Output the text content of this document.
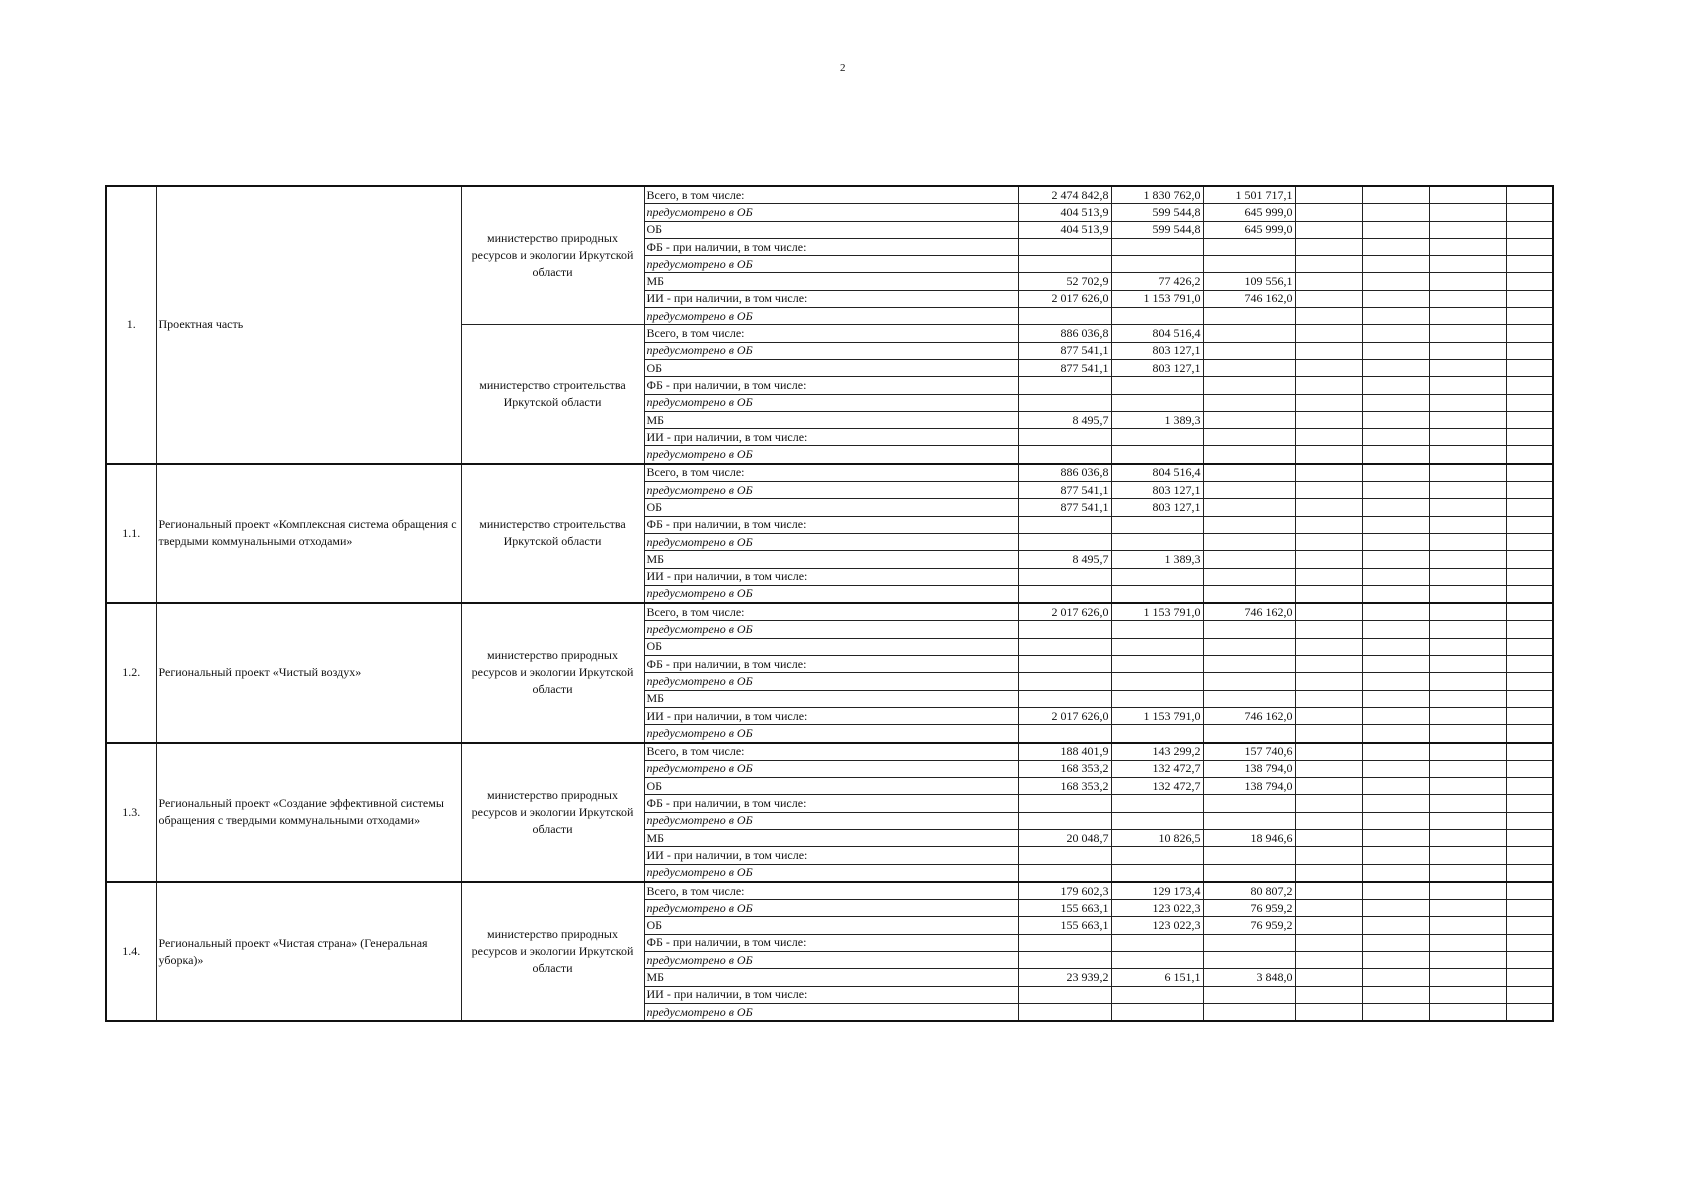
2
1.	Проектная часть	министерство природных ресурсов и экологии Иркутской области	Всего, в том числе:	2 474 842,8	1 830 762,0	1 501 717,1				
			предусмотрено в ОБ	404 513,9	599 544,8	645 999,0				
			ОБ	404 513,9	599 544,8	645 999,0				
			ФБ - при наличии, в том числе:							
			предусмотрено в ОБ							
			МБ	52 702,9	77 426,2	109 556,1				
			ИИ - при наличии, в том числе:	2 017 626,0	1 153 791,0	746 162,0				
			предусмотрено в ОБ							
		министерство строительства Иркутской области	Всего, в том числе:	886 036,8	804 516,4					
			предусмотрено в ОБ	877 541,1	803 127,1					
			ОБ	877 541,1	803 127,1					
			ФБ - при наличии, в том числе:							
			предусмотрено в ОБ							
			МБ	8 495,7	1 389,3					
			ИИ - при наличии, в том числе:							
			предусмотрено в ОБ							
1.1.	Региональный проект «Комплексная система обращения с твердыми коммунальными отходами»	министерство строительства Иркутской области	Всего, в том числе:	886 036,8	804 516,4					
			предусмотрено в ОБ	877 541,1	803 127,1					
			ОБ	877 541,1	803 127,1					
			ФБ - при наличии, в том числе:							
			предусмотрено в ОБ							
			МБ	8 495,7	1 389,3					
			ИИ - при наличии, в том числе:							
			предусмотрено в ОБ							
1.2.	Региональный проект «Чистый воздух»	министерство природных ресурсов и экологии Иркутской области	Всего, в том числе:	2 017 626,0	1 153 791,0	746 162,0				
			предусмотрено в ОБ							
			ОБ							
			ФБ - при наличии, в том числе:							
			предусмотрено в ОБ							
			МБ							
			ИИ - при наличии, в том числе:	2 017 626,0	1 153 791,0	746 162,0				
			предусмотрено в ОБ							
1.3.	Региональный проект «Создание эффективной системы обращения с твердыми коммунальными отходами»	министерство природных ресурсов и экологии Иркутской области	Всего, в том числе:	188 401,9	143 299,2	157 740,6				
			предусмотрено в ОБ	168 353,2	132 472,7	138 794,0				
			ОБ	168 353,2	132 472,7	138 794,0				
			ФБ - при наличии, в том числе:							
			предусмотрено в ОБ							
			МБ	20 048,7	10 826,5	18 946,6				
			ИИ - при наличии, в том числе:							
			предусмотрено в ОБ							
1.4.	Региональный проект «Чистая страна» (Генеральная уборка)»	министерство природных ресурсов и экологии Иркутской области	Всего, в том числе:	179 602,3	129 173,4	80 807,2				
			предусмотрено в ОБ	155 663,1	123 022,3	76 959,2				
			ОБ	155 663,1	123 022,3	76 959,2				
			ФБ - при наличии, в том числе:							
			предусмотрено в ОБ							
			МБ	23 939,2	6 151,1	3 848,0				
			ИИ - при наличии, в том числе:							
			предусмотрено в ОБ							
